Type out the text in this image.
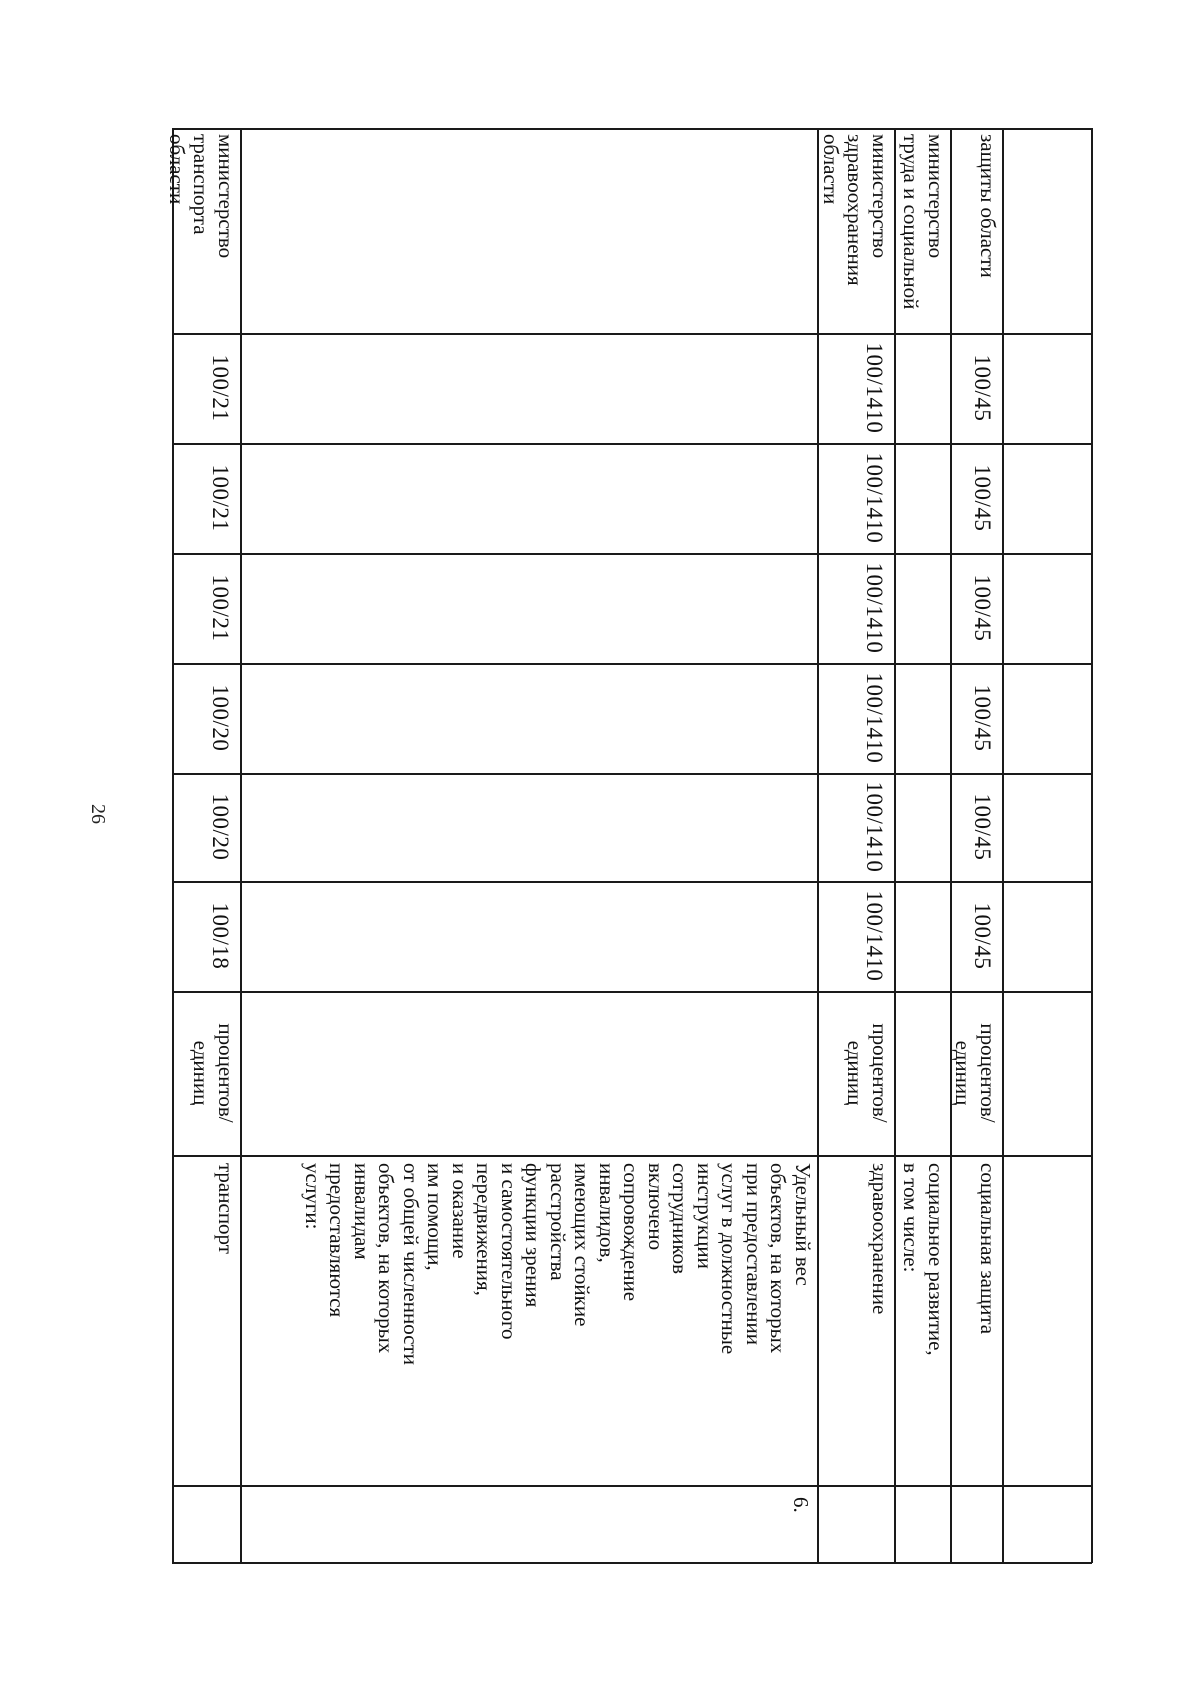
26
транспорт
процентов/
единиц
100/18
100/20
100/20
100/21
100/21
100/21
министерство
транспорта
области
6.
Удельный вес
объектов, на которых
при предоставлении
услуг в должностные
инструкции
сотрудников
включено
сопровождение
инвалидов,
имеющих стойкие
расстройства
функции зрения
и самостоятельного
передвижения,
и оказание
им помощи,
от общей численности
объектов, на которых
инвалидам
предоставляются
услуги:	здравоохранение
процентов/
единиц
100/1410
100/1410
100/1410
100/1410
100/1410
100/1410
министерство
здравоохранения
области
социальное развитие,
в том числе:
министерство
труда и социальной
социальная защита
процентов/
единиц
100/45
100/45
100/45
100/45
100/45
100/45
защиты области
